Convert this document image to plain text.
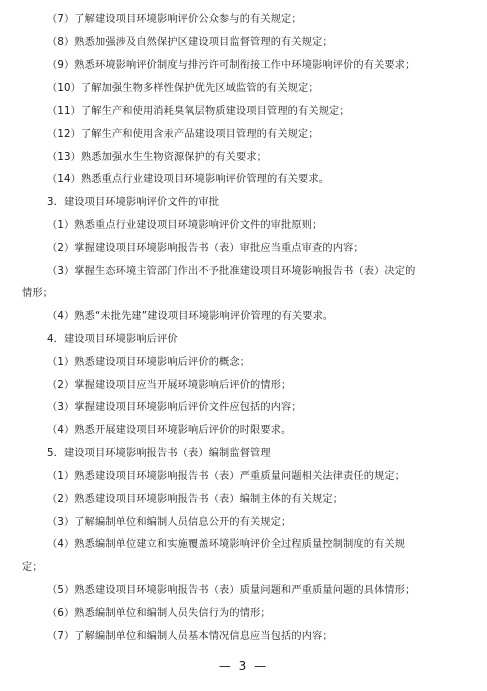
（7）了解建设项目环境影响评价公众参与的有关规定；
（8）熟悉加强涉及自然保护区建设项目监督管理的有关规定；
（9）熟悉环境影响评价制度与排污许可制衔接工作中环境影响评价的有关要求；
（10）了解加强生物多样性保护优先区域监管的有关规定；
（11）了解生产和使用消耗臭氧层物质建设项目管理的有关规定；
（12）了解生产和使用含汞产品建设项目管理的有关规定；
（13）熟悉加强水生生物资源保护的有关要求；
（14）熟悉重点行业建设项目环境影响评价管理的有关要求。
3．建设项目环境影响评价文件的审批
（1）熟悉重点行业建设项目环境影响评价文件的审批原则；
（2）掌握建设项目环境影响报告书（表）审批应当重点审查的内容；
（3）掌握生态环境主管部门作出不予批准建设项目环境影响报告书（表）决定的
情形；
（4）熟悉“未批先建”建设项目环境影响评价管理的有关要求。
4．建设项目环境影响后评价
（1）熟悉建设项目环境影响后评价的概念；
（2）掌握建设项目应当开展环境影响后评价的情形；
（3）掌握建设项目环境影响后评价文件应包括的内容；
（4）熟悉开展建设项目环境影响后评价的时限要求。
5．建设项目环境影响报告书（表）编制监督管理
（1）熟悉建设项目环境影响报告书（表）严重质量问题相关法律责任的规定；
（2）熟悉建设项目环境影响报告书（表）编制主体的有关规定；
（3）了解编制单位和编制人员信息公开的有关规定；
（4）熟悉编制单位建立和实施覆盖环境影响评价全过程质量控制制度的有关规
定；
（5）熟悉建设项目环境影响报告书（表）质量问题和严重质量问题的具体情形；
（6）熟悉编制单位和编制人员失信行为的情形；
（7）了解编制单位和编制人员基本情况信息应当包括的内容；
— 3 —
